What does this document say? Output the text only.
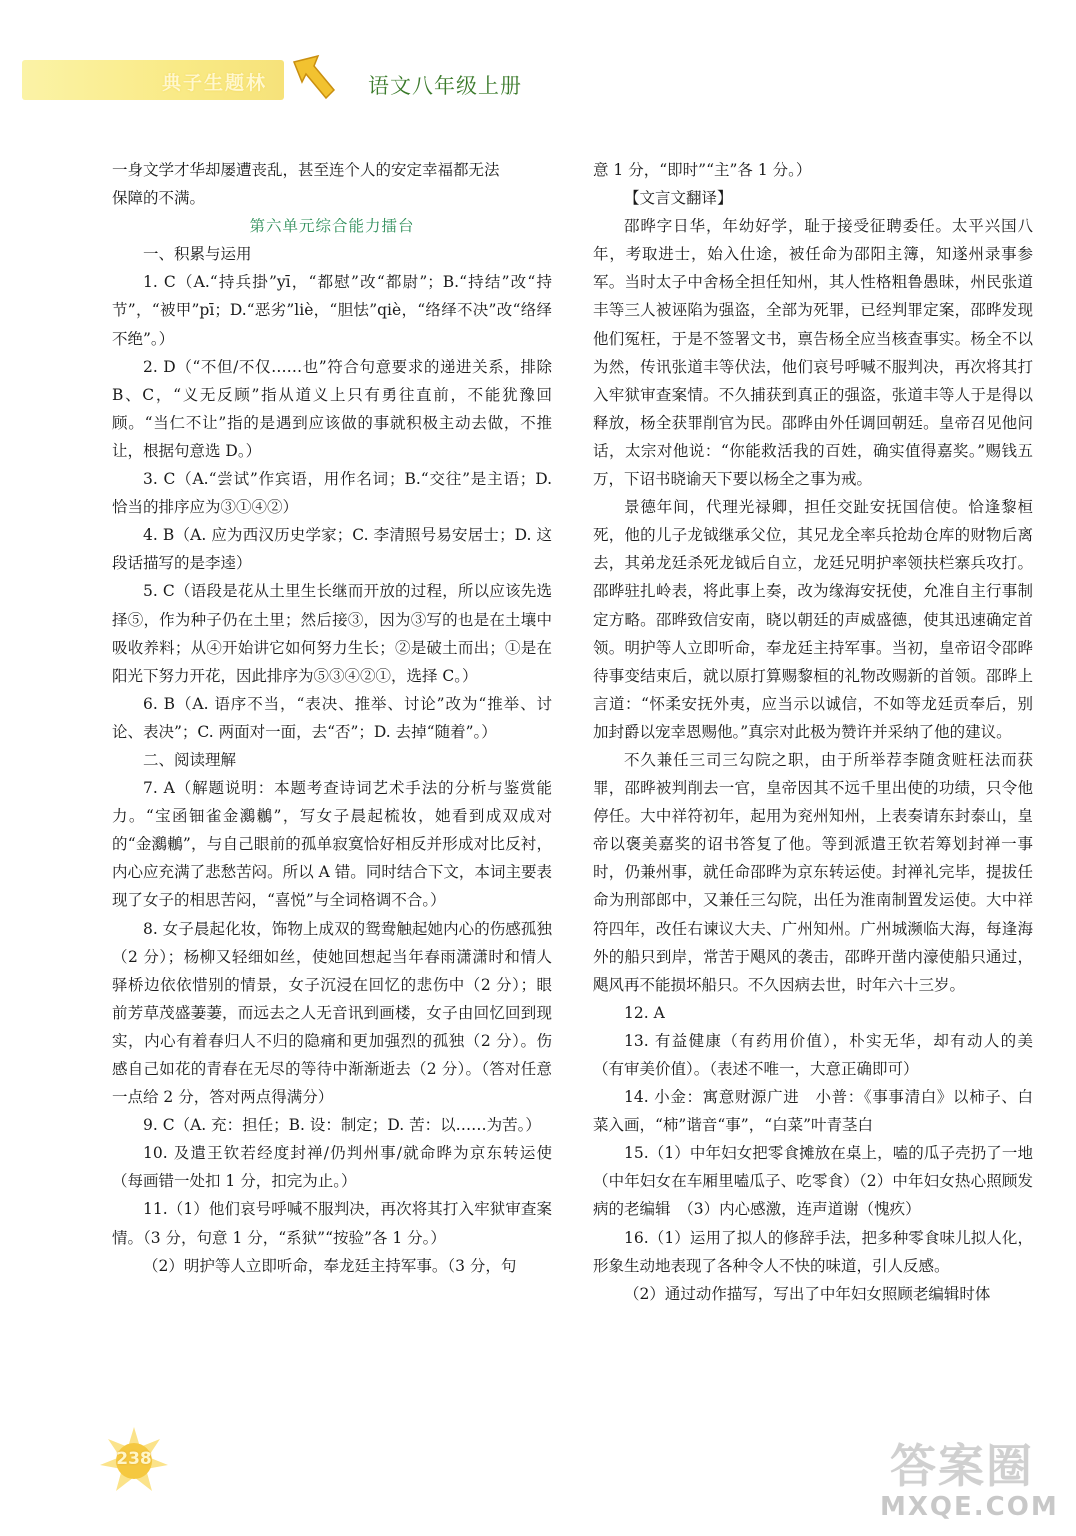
典子生题林	语文八年级上册

一身文学才华却屡遭丧乱，甚至连个人的安定幸福都无法

保障的不满。

第六单元综合能力擂台

一、积累与运用

1. C（A.“持兵掛”yī，“都慰”改“都尉”；B.“持结”改“持节”，“被甲”pī；D.“恶劣”liè，“胆怯”qiè，“络绎不决”改“络绎不绝”。）

2. D（“不但/不仅……也”符合句意要求的递进关系，排除 B、C，“义无反顾”指从道义上只有勇往直前，不能犹豫回顾。“当仁不让”指的是遇到应该做的事就积极主动去做，不推让，根据句意选 D。）

3. C（A.“尝试”作宾语，用作名词；B.“交往”是主语；D. 恰当的排序应为③①④②）

4. B（A. 应为西汉历史学家；C. 李清照号易安居士；D. 这段话描写的是李逵）

5. C（语段是花从土里生长继而开放的过程，所以应该先选择⑤，作为种子仍在土里；然后接③，因为③写的也是在土壤中吸收养料；从④开始讲它如何努力生长；②是破土而出；①是在阳光下努力开花，因此排序为⑤③④②①，选择 C。）

6. B（A. 语序不当，“表决、推举、讨论”改为“推举、讨论、表决”；C. 两面对一面，去“否”；D. 去掉“随着”。）

二、阅读理解

7. A（解题说明：本题考查诗词艺术手法的分析与鉴赏能力。“宝函钿雀金鸂鶒”，写女子晨起梳妆，她看到成双成对的“金鸂鶒”，与自己眼前的孤单寂寞恰好相反并形成对比反衬，内心应充满了悲愁苦闷。所以 A 错。同时结合下文，本词主要表现了女子的相思苦闷，“喜悦”与全词格调不合。）

8. 女子晨起化妆，饰物上成双的鸳鸯触起她内心的伤感孤独（2 分）；杨柳又轻细如丝，使她回想起当年春雨潇潇时和情人驿桥边依依惜别的情景，女子沉浸在回忆的悲伤中（2 分）；眼前芳草茂盛萋萋，而远去之人无音讯到画楼，女子由回忆回到现实，内心有着春归人不归的隐痛和更加强烈的孤独（2 分）。伤感自己如花的青春在无尽的等待中渐渐逝去（2 分）。（答对任意一点给 2 分，答对两点得满分）

9. C（A. 充：担任；B. 设：制定；D. 苦：以……为苦。）

10. 及遣王钦若经度封禅/仍判州事/就命晔为京东转运使（每画错一处扣 1 分，扣完为止。）

11.（1）他们哀号呼喊不服判决，再次将其打入牢狱审查案情。（3 分，句意 1 分，“系狱”“按验”各 1 分。）

（2）明护等人立即听命，奉龙廷主持军事。（3 分，句

意 1 分，“即时”“主”各 1 分。）

【文言文翻译】

邵晔字日华，年幼好学，耻于接受征聘委任。太平兴国八年，考取进士，始入仕途，被任命为邵阳主簿，知遂州录事参军。当时太子中舍杨全担任知州，其人性格粗鲁愚昧，州民张道丰等三人被诬陷为强盗，全部为死罪，已经判罪定案，邵晔发现他们冤枉，于是不签署文书，禀告杨全应当核查事实。杨全不以为然，传讯张道丰等伏法，他们哀号呼喊不服判决，再次将其打入牢狱审查案情。不久捕获到真正的强盗，张道丰等人于是得以释放，杨全获罪削官为民。邵晔由外任调回朝廷。皇帝召见他问话，太宗对他说：“你能救活我的百姓，确实值得嘉奖。”赐钱五万，下诏书晓谕天下要以杨全之事为戒。

景德年间，代理光禄卿，担任交趾安抚国信使。恰逢黎桓死，他的儿子龙钺继承父位，其兄龙全率兵抢劫仓库的财物后离去，其弟龙廷杀死龙钺后自立，龙廷兄明护率领扶栏寨兵攻打。邵晔驻扎岭表，将此事上奏，改为缘海安抚使，允准自主行事制定方略。邵晔致信安南，晓以朝廷的声威盛德，使其迅速确定首领。明护等人立即听命，奉龙廷主持军事。当初，皇帝诏令邵晔待事变结束后，就以原打算赐黎桓的礼物改赐新的首领。邵晔上言道：“怀柔安抚外夷，应当示以诚信，不如等龙廷贡奉后，别加封爵以宠幸恩赐他。”真宗对此极为赞许并采纳了他的建议。

不久兼任三司三勾院之职，由于所举荐李随贪赃枉法而获罪，邵晔被判削去一官，皇帝因其不远千里出使的功绩，只令他停任。大中祥符初年，起用为兖州知州，上表奏请东封泰山，皇帝以褒美嘉奖的诏书答复了他。等到派遣王钦若筹划封禅一事时，仍兼州事，就任命邵晔为京东转运使。封禅礼完毕，提拔任命为刑部郎中，又兼任三勾院，出任为淮南制置发运使。大中祥符四年，改任右谏议大夫、广州知州。广州城濒临大海，每逢海外的船只到岸，常苦于飓风的袭击，邵晔开凿内濠使船只通过，飓风再不能损坏船只。不久因病去世，时年六十三岁。

12. A

13. 有益健康（有药用价值），朴实无华，却有动人的美（有审美价值）。（表述不唯一，大意正确即可）

14. 小金：寓意财源广进　小普：《事事清白》以柿子、白菜入画，“柿”谐音“事”，“白菜”叶青茎白

15.（1）中年妇女把零食摊放在桌上，嗑的瓜子壳扔了一地（中年妇女在车厢里嗑瓜子、吃零食）（2）中年妇女热心照顾发病的老编辑　（3）内心感激，连声道谢（愧疚）

16.（1）运用了拟人的修辞手法，把多种零食味儿拟人化，形象生动地表现了各种令人不快的味道，引人反感。

（2）通过动作描写，写出了中年妇女照顾老编辑时体

238	答案圈
MXQE.COM
